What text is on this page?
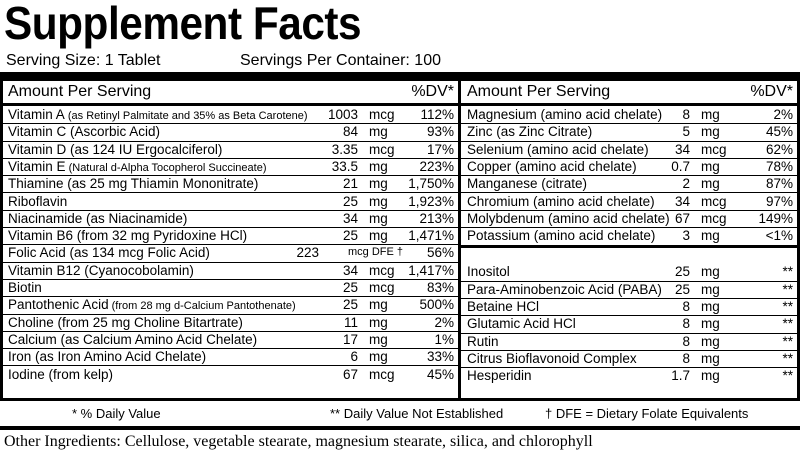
Supplement Facts
Serving Size: 1 Tablet	Servings Per Container: 100
Amount Per Serving	%DV*
Vitamin A (as Retinyl Palmitate and 35% as Beta Carotene) 1003 mcg 112%
Vitamin C (Ascorbic Acid)	84 mg	93%
Vitamin D (as 124 IU Ergocalciferol)	3.35 mcg 17%
Vitamin E (Natural d-Alpha Tocopherol Succineate)	33.5 mg 223%
Thiamine (as 25 mg Thiamin Mononitrate)	21 mg 1,750%
Riboflavin	25 mg 1,923%
Niacinamide (as Niacinamide)	34 mg 213%
Vitamin B6 (from 32 mg Pyridoxine HCl)	25 mg 1,471%
Folic Acid (as 134 mcg Folic Acid)	223	mcg DFE † 56%
Vitamin B12 (Cyanocobolamin)	34 mcg 1,417%
Biotin	25 mcg 83%
Pantothenic Acid (from 28 mg d-Calcium Pantothenate)	25 mg 500%
Choline (from 25 mg Choline Bitartrate)	11 mg	2%
Calcium (as Calcium Amino Acid Chelate)	17 mg	1%
Iron (as Iron Amino Acid Chelate)	6 mg	33%
Iodine (from kelp)	67 mcg 45%
Amount Per Serving	%DV*
Magnesium (amino acid chelate) 8 mg	2%
Zinc (as Zinc Citrate)	5 mg	45%
Selenium (amino acid chelate) 34 mcg	62%
Copper (amino acid chelate)	0.7 mg	78%
Manganese (citrate)	2 mg	87%
Chromium (amino acid chelate) 34 mcg	97%
Molybdenum (amino acid chelate) 67 mcg 149%
Potassium (amino acid chelate) 3 mg	<1%
Inositol	25 mg	**
Para-Aminobenzoic Acid (PABA) 25 mg	**
Betaine HCl	8 mg	**
Glutamic Acid HCl	8 mg	**
Rutin	8 mg	**
Citrus Bioflavonoid Complex	8 mg	**
Hesperidin	1.7 mg	**
* % Daily Value	** Daily Value Not Established	† DFE = Dietary Folate Equivalents
Other Ingredients: Cellulose, vegetable stearate, magnesium stearate, silica, and chlorophyll
